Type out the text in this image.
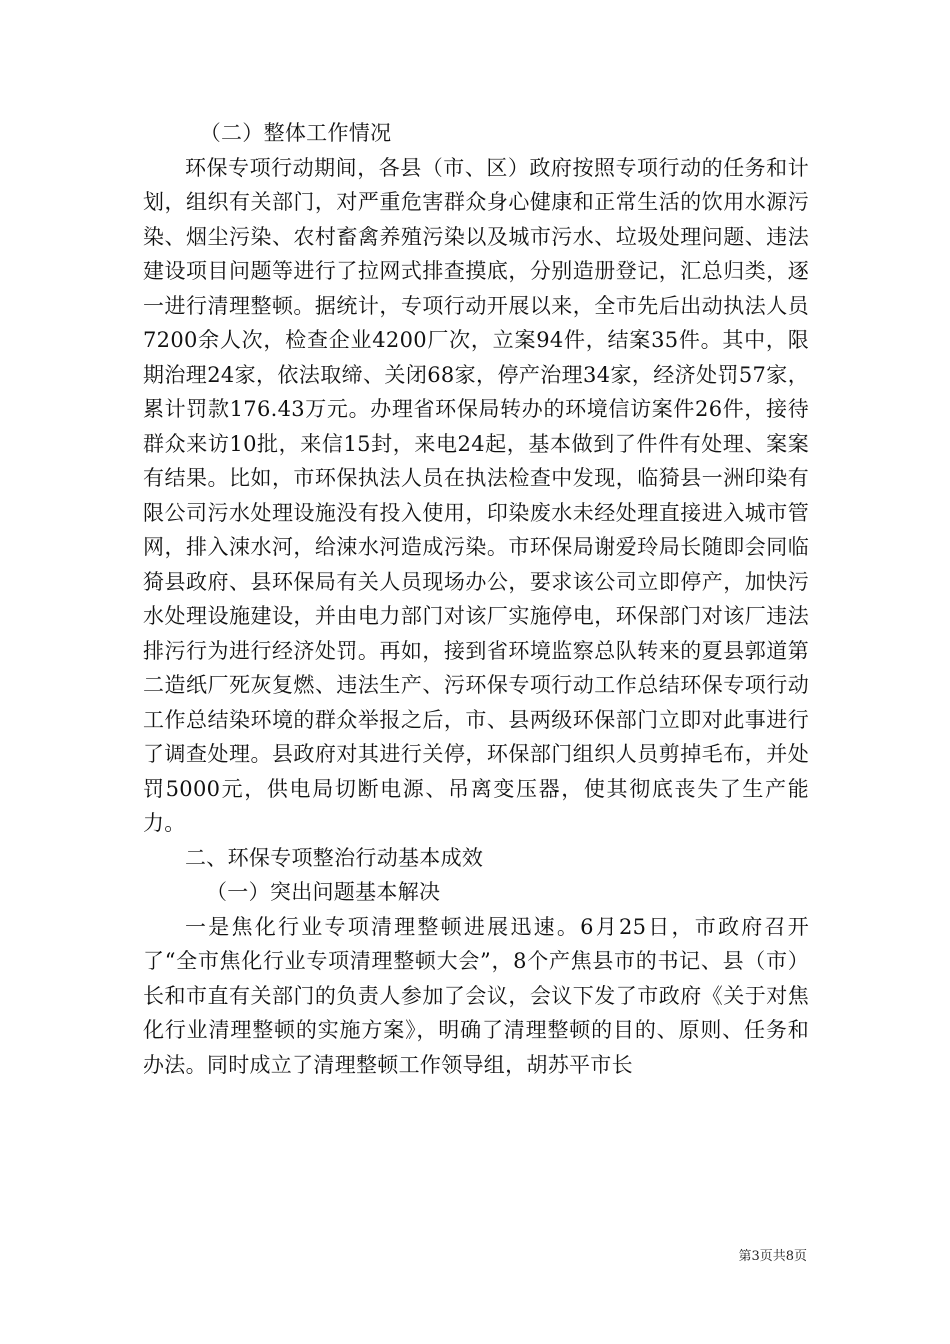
（二）整体工作情况

环保专项行动期间，各县（市、区）政府按照专项行动的任务和计划，组织有关部门，对严重危害群众身心健康和正常生活的饮用水源污染、烟尘污染、农村畜禽养殖污染以及城市污水、垃圾处理问题、违法建设项目问题等进行了拉网式排查摸底，分别造册登记，汇总归类，逐一进行清理整顿。据统计，专项行动开展以来，全市先后出动执法人员7200余人次，检查企业4200厂次，立案94件，结案35件。其中，限期治理24家，依法取缔、关闭68家，停产治理34家，经济处罚57家，累计罚款176.43万元。办理省环保局转办的环境信访案件26件，接待群众来访10批，来信15封，来电24起，基本做到了件件有处理、案案有结果。比如，市环保执法人员在执法检查中发现，临猗县一洲印染有限公司污水处理设施没有投入使用，印染废水未经处理直接进入城市管网，排入涑水河，给涑水河造成污染。市环保局谢爱玲局长随即会同临猗县政府、县环保局有关人员现场办公，要求该公司立即停产，加快污水处理设施建设，并由电力部门对该厂实施停电，环保部门对该厂违法排污行为进行经济处罚。再如，接到省环境监察总队转来的夏县郭道第二造纸厂死灰复燃、违法生产、污环保专项行动工作总结环保专项行动工作总结染环境的群众举报之后，市、县两级环保部门立即对此事进行了调查处理。县政府对其进行关停，环保部门组织人员剪掉毛布，并处罚5000元，供电局切断电源、吊离变压器，使其彻底丧失了生产能力。

二、环保专项整治行动基本成效

（一）突出问题基本解决

一是焦化行业专项清理整顿进展迅速。6月25日，市政府召开了“全市焦化行业专项清理整顿大会”，8个产焦县市的书记、县（市）长和市直有关部门的负责人参加了会议，会议下发了市政府《关于对焦化行业清理整顿的实施方案》，明确了清理整顿的目的、原则、任务和办法。同时成立了清理整顿工作领导组，胡苏平市长

第3页共8页
